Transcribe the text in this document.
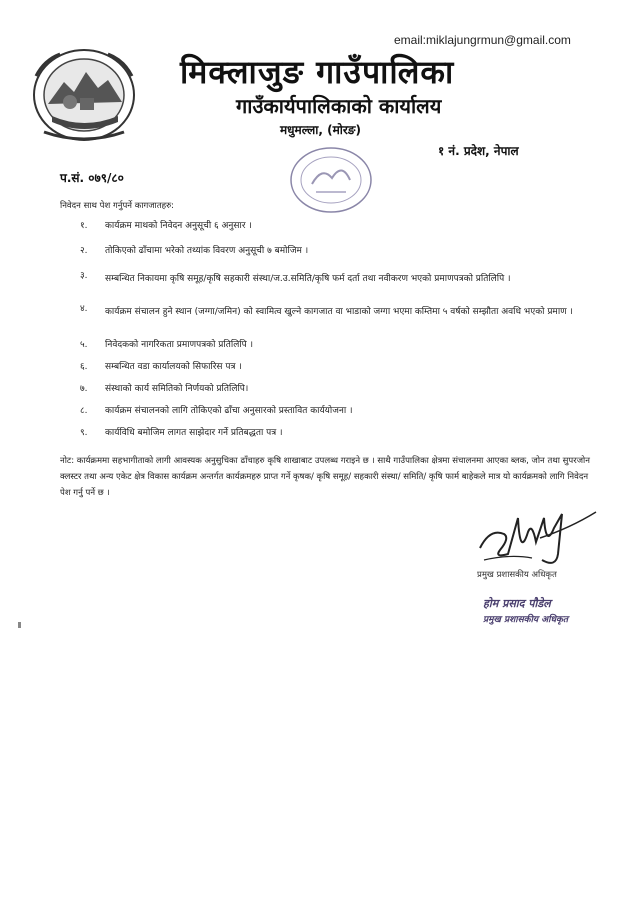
email:miklajungrmun@gmail.com
मिक्लाजुङ गाउँपालिका
गाउँकार्यपालिकाको कार्यालय
मधुमल्ला, (मोरङ)
१ नं. प्रदेश, नेपाल
प.सं. ०७९/८०
निवेदन साथ पेश गर्नुपर्ने कागजातहरु:
१.	कार्यक्रम माथको निवेदन अनुसूची ६ अनुसार ।
२.	तोकिएको ढाँचामा भरेको तथ्यांक विवरण अनुसूची ७ बमोजिम ।
३.	सम्बन्धित निकायमा कृषि समूह/कृषि सहकारी संस्था/ज.उ.समिति/कृषि फर्म दर्ता तथा नवीकरण भएको प्रमाणपत्रको प्रतिलिपि ।
४.	कार्यक्रम संचालन हुने स्थान (जग्गा/जमिन) को स्वामित्व खुल्ने कागजात वा भाडाको जग्गा भएमा कम्तिमा ५ वर्षको सम्झौता अवधि भएको प्रमाण ।
५.	निवेदकको नागरिकता प्रमाणपत्रको प्रतिलिपि ।
६.	सम्बन्धित वडा कार्यालयको सिफारिस पत्र ।
७.	संस्थाको कार्य समितिको निर्णयको प्रतिलिपि।
८.	कार्यक्रम संचालनको लागि तोकिएको ढाँचा अनुसारको प्रस्तावित कार्ययोजना ।
९.	कार्यविधि बमोजिम लागत साझेदार गर्ने प्रतिबद्धता पत्र ।
नोट: कार्यक्रममा सहभागीताको लागी आवस्यक अनुसुचिका ढाँचाहरु कृषि शाखाबाट उपलब्ध गराइने छ । साथै गाउँपालिका क्षेत्रमा संचालनमा आएका ब्लक, जोन तथा सुपरजोन क्लस्टर तथा अन्य एकेट क्षेत्र विकास कार्यक्रम अन्तर्गत कार्यक्रमहरु प्राप्त गर्ने कृषक/ कृषि समूह/ सहकारी संस्था/ समिति/ कृषि फार्म बाहेकले मात्र यो कार्यक्रमको लागि निवेदन पेश गर्नु पर्ने छ ।
प्रमुख प्रशासकीय अधिकृत
होम प्रसाद पौडेल
प्रमुख प्रशासकीय अधिकृत
